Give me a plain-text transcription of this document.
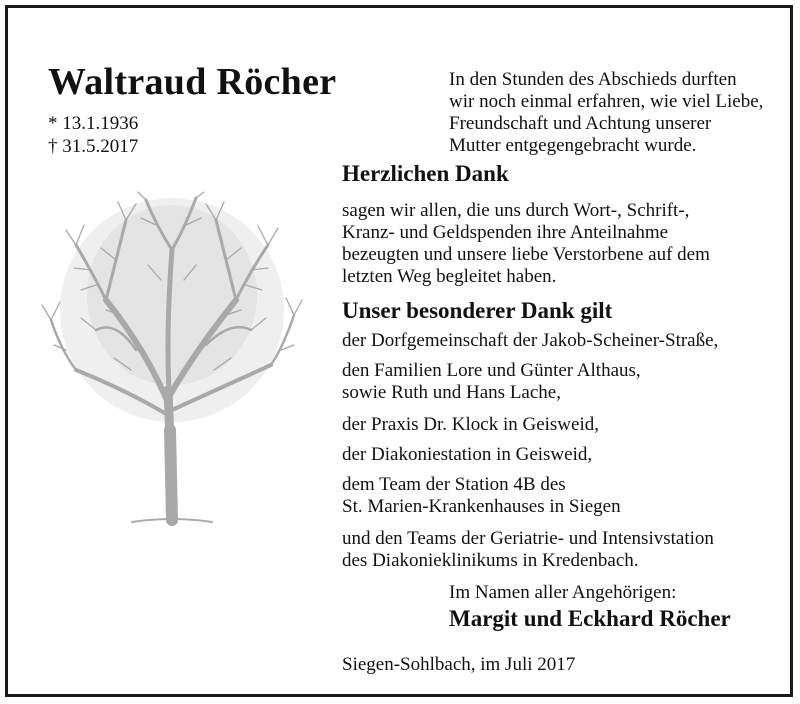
Waltraud Röcher
* 13.1.1936
† 31.5.2017
In den Stunden des Abschieds durften
wir noch einmal erfahren, wie viel Liebe,
Freundschaft und Achtung unserer
Mutter entgegengebracht wurde.
Herzlichen Dank
sagen wir allen, die uns durch Wort-, Schrift-,
Kranz- und Geldspenden ihre Anteilnahme
bezeugten und unsere liebe Verstorbene auf dem
letzten Weg begleitet haben.
Unser besonderer Dank gilt
der Dorfgemeinschaft der Jakob-Scheiner-Straße,
den Familien Lore und Günter Althaus,
sowie Ruth und Hans Lache,
der Praxis Dr. Klock in Geisweid,
der Diakoniestation in Geisweid,
dem Team der Station 4B des
St. Marien-Krankenhauses in Siegen
und den Teams der Geriatrie- und Intensivstation
des Diakonieklinikums in Kredenbach.
Im Namen aller Angehörigen:
Margit und Eckhard Röcher
Siegen-Sohlbach, im Juli 2017
